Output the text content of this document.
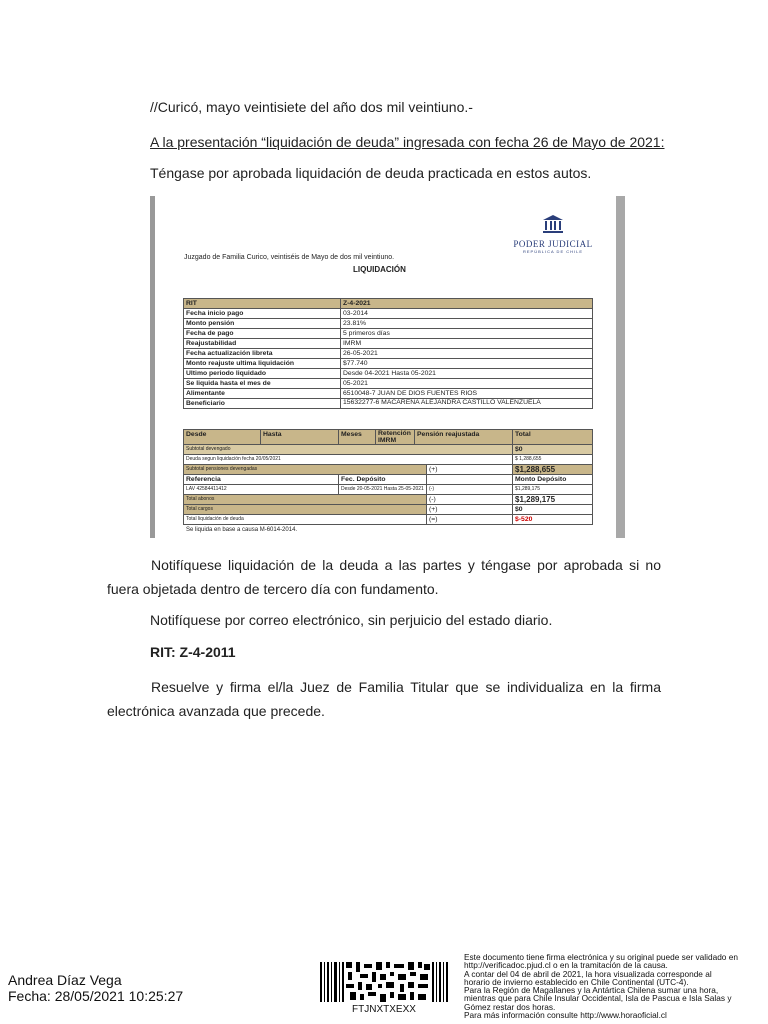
//Curicó, mayo veintisiete del año dos mil veintiuno.-

A la presentación “liquidación de deuda” ingresada con fecha 26 de Mayo de 2021:

Téngase por aprobada liquidación de deuda practicada en estos autos.

PODER JUDICIAL
REPÚBLICA DE CHILE
Juzgado de Familia Curico, veintiséis de Mayo de dos mil veintiuno.
LIQUIDACIÓN
RIT	Z-4-2021
Fecha inicio pago	03-2014
Monto pensión	23.81%
Fecha de pago	5 primeros días
Reajustabilidad	IMRM
Fecha actualización libreta	26-05-2021
Monto reajuste ultima liquidación	$77.740
Ultimo periodo liquidado	Desde 04-2021 Hasta 05-2021
Se liquida hasta el mes de	05-2021
Alimentante	6510048-7 JUAN DE DIOS FUENTES RIOS
Beneficiario	15632277-6 MACARENA ALEJANDRA CASTILLO VALENZUELA
Desde	Hasta	Meses	Retención IMRM	Pensión reajustada		Total
Subtotal devengado						$0
Deuda segun liquidación fecha 20/05/2021						$ 1,288,655
Subtotal pensiones devengadas					(+)	$1,288,655
Referencia		Fec. Depósito				Monto Depósito
LAV 42584411412		Desde 20-05-2021 Hasta 25-05-2021			(-)	$1,289,175
Total abonos					(-)	$1,289,175
Total cargos					(+)	$0
Total liquidación de deuda					(=)	$-520
Se liquida en base a causa M-6014-2014.

Notifíquese liquidación de la deuda a las partes y téngase por aprobada si no fuera objetada dentro de tercero día con fundamento.

Notifíquese por correo electrónico, sin perjuicio del estado diario.

RIT: Z-4-2011

Resuelve y firma el/la Juez de Familia Titular que se individualiza en la firma electrónica avanzada que precede.

Andrea Díaz Vega
Fecha: 28/05/2021 10:25:27
FTJNXTXEXX
Este documento tiene firma electrónica y su original puede ser validado en
http://verificadoc.pjud.cl o en la tramitación de la causa.
A contar del 04 de abril de 2021, la hora visualizada corresponde al
horario de invierno establecido en Chile Continental (UTC-4).
Para la Región de Magallanes y la Antártica Chilena sumar una hora,
mientras que para Chile Insular Occidental, Isla de Pascua e Isla Salas y
Gómez restar dos horas.
Para más información consulte http://www.horaoficial.cl
